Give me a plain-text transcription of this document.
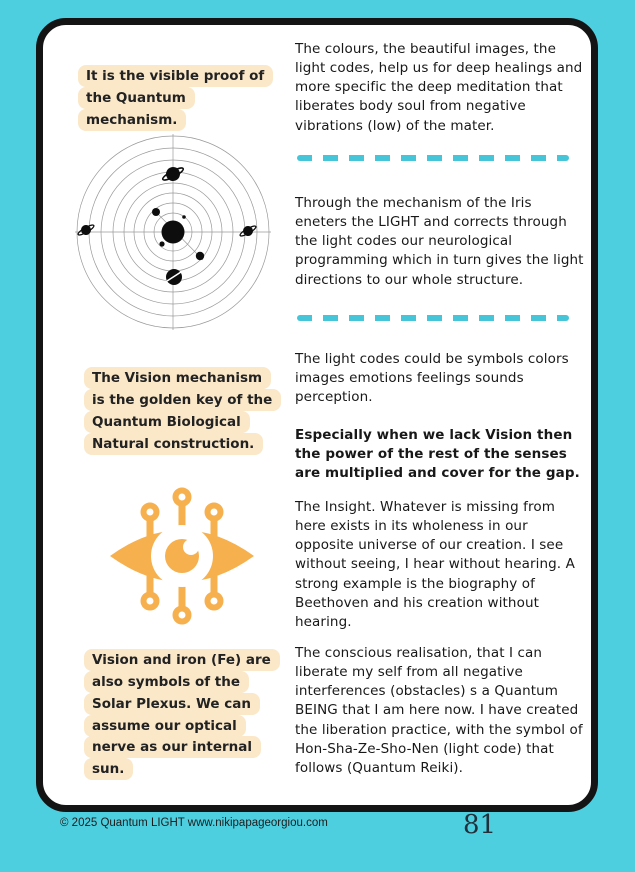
It is the visible proof of the Quantum mechanism.
The Vision mechanism is the golden key of the Quantum Biological Natural construction.
Vision and iron (Fe) are also symbols of the Solar Plexus. We can assume our optical nerve as our internal sun.
The colours, the beautiful images, the light codes, help us for deep healings and more specific the deep meditation that liberates body soul from negative vibrations (low) of the mater.
Through the mechanism of the Iris eneters the LIGHT and corrects through the light codes our neurological programming which in turn gives the light directions to our whole structure.
The light codes could be symbols colors images emotions feelings sounds perception.
Especially when we lack Vision then the power of the rest of the senses are multiplied and cover for the gap.
The Insight. Whatever is missing from here exists in its wholeness in our opposite universe of our creation. I see without seeing, I hear without hearing. A strong example is the biography of Beethoven and his creation without hearing.
The conscious realisation, that I can liberate my self from all negative interferences (obstacles) s a Quantum BEING that I am here now. I have created the liberation practice, with the symbol of Hon-Sha-Ze-Sho-Nen (light code) that follows (Quantum Reiki).
© 2025 Quantum LIGHT www.nikipapageorgiou.com	81
